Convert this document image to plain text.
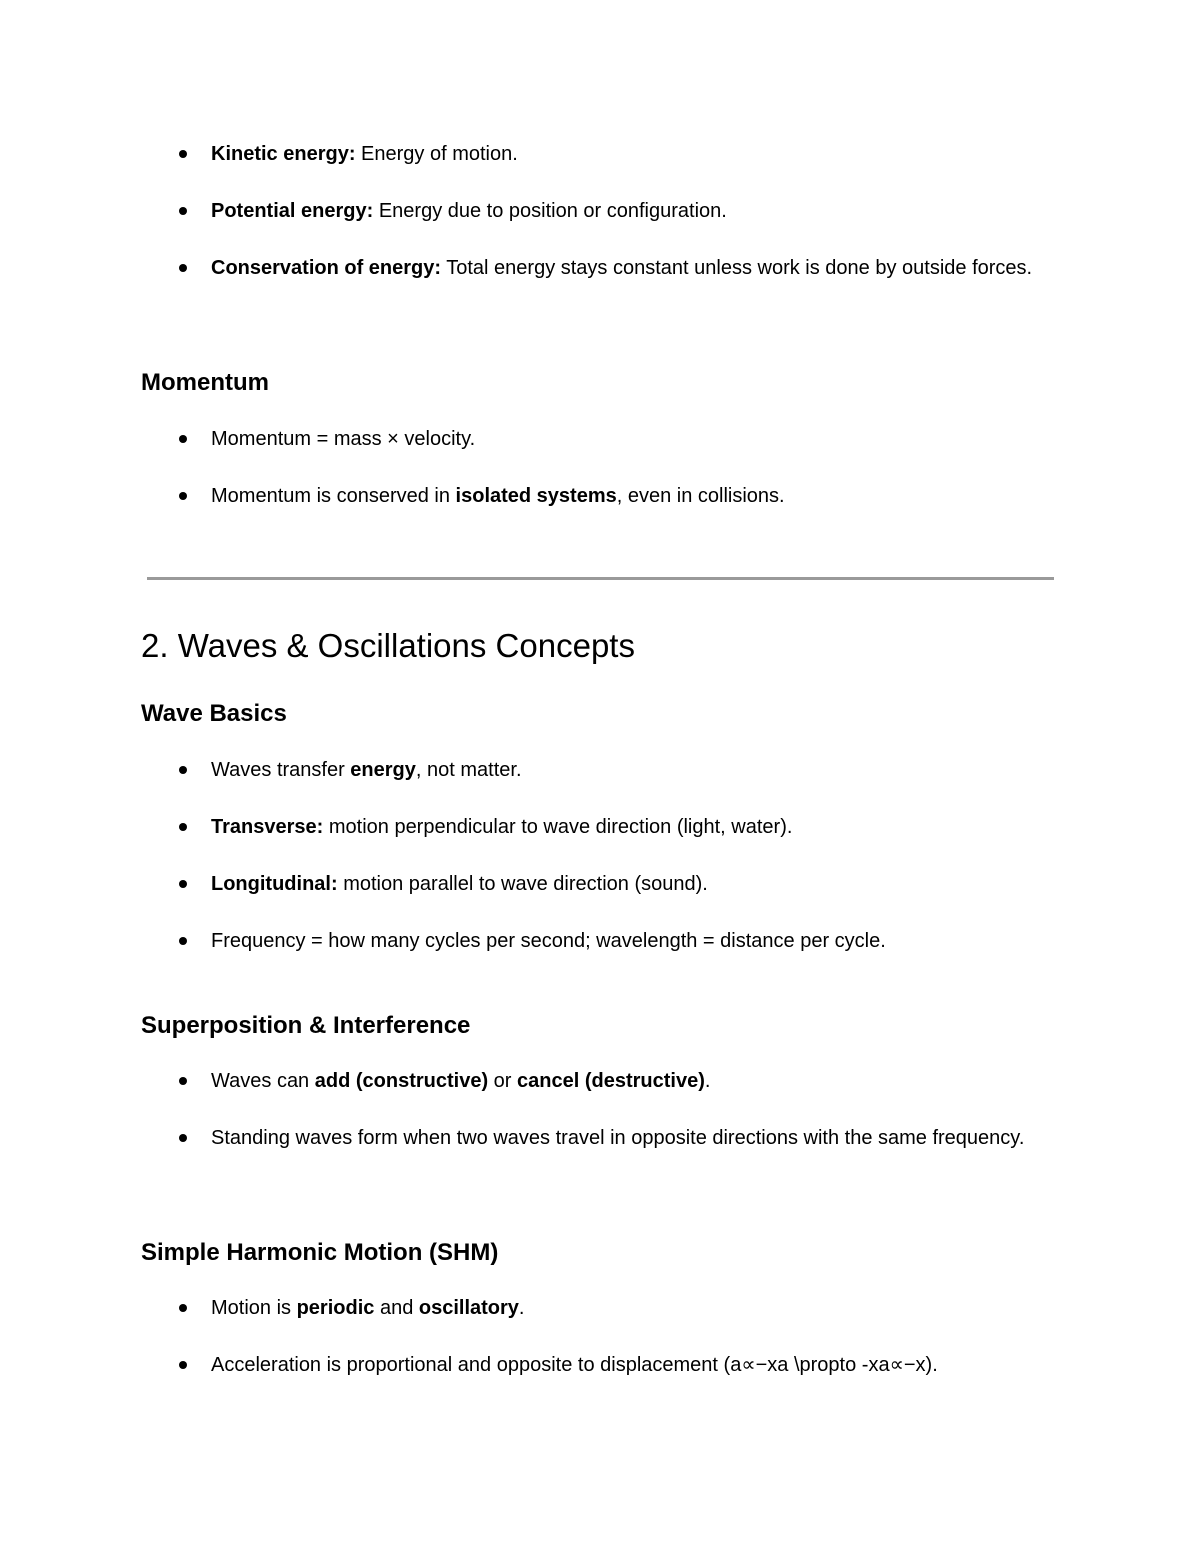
Kinetic energy: Energy of motion.
Potential energy: Energy due to position or configuration.
Conservation of energy: Total energy stays constant unless work is done by outside forces.
Momentum
Momentum = mass × velocity.
Momentum is conserved in isolated systems, even in collisions.
2. Waves & Oscillations Concepts
Wave Basics
Waves transfer energy, not matter.
Transverse: motion perpendicular to wave direction (light, water).
Longitudinal: motion parallel to wave direction (sound).
Frequency = how many cycles per second; wavelength = distance per cycle.
Superposition & Interference
Waves can add (constructive) or cancel (destructive).
Standing waves form when two waves travel in opposite directions with the same frequency.
Simple Harmonic Motion (SHM)
Motion is periodic and oscillatory.
Acceleration is proportional and opposite to displacement (a∝−xa \propto -xa∝−x).
